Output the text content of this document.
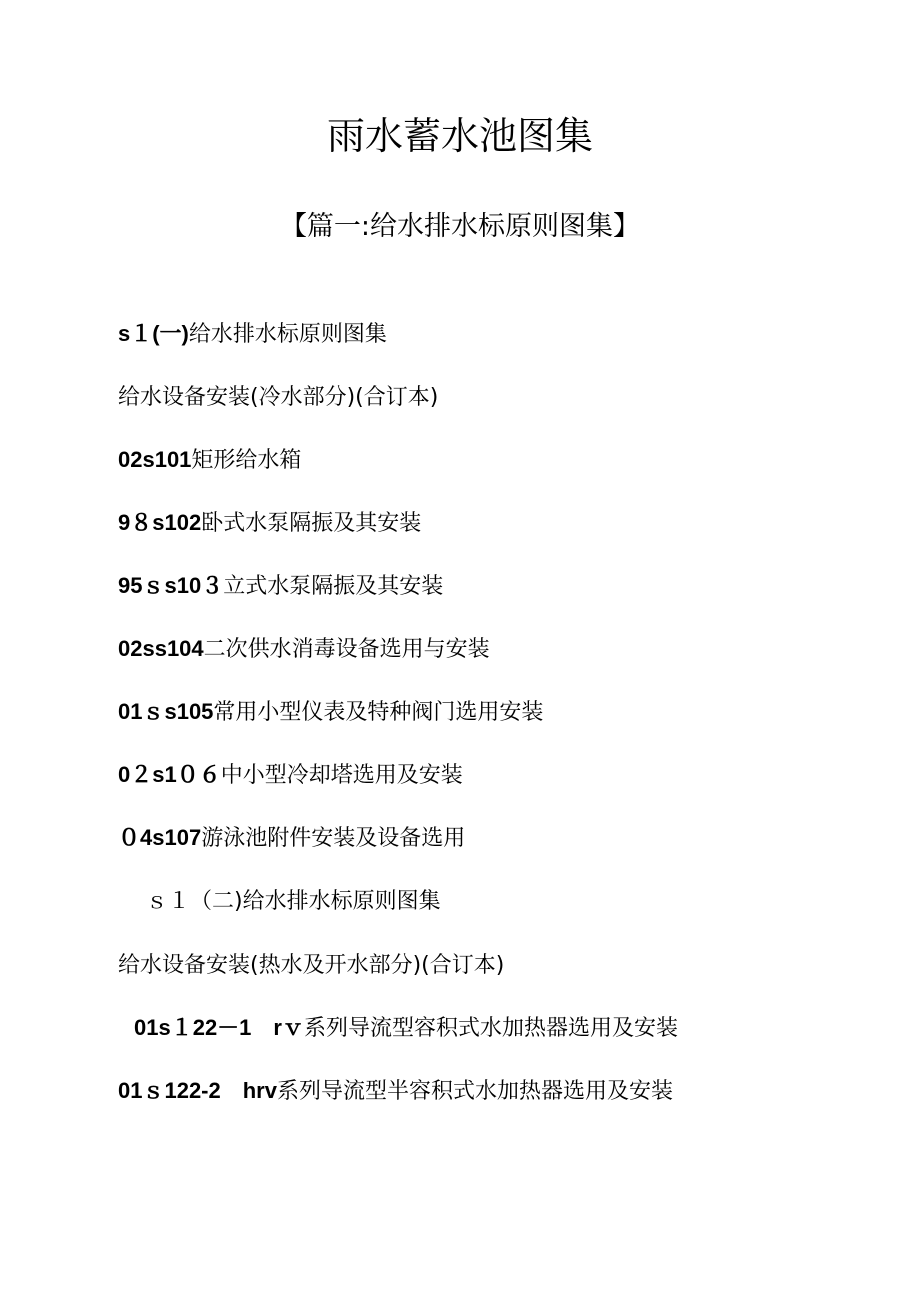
雨水蓄水池图集
【篇一:给水排水标原则图集】

s１(一)给水排水标原则图集

给水设备安装(冷水部分)(合订本)

02s101矩形给水箱

9８s102卧式水泵隔振及其安装

95ｓs10３立式水泵隔振及其安装

02ss104二次供水消毒设备选用与安装

01ｓs105常用小型仪表及特种阀门选用安装

0２s1０６中小型冷却塔选用及安装

０4s107游泳池附件安装及设备选用

ｓ１（二)给水排水标原则图集

给水设备安装(热水及开水部分)(合订本)

01s１22－1　rｖ系列导流型容积式水加热器选用及安装

01ｓ122-2　hrv系列导流型半容积式水加热器选用及安装
